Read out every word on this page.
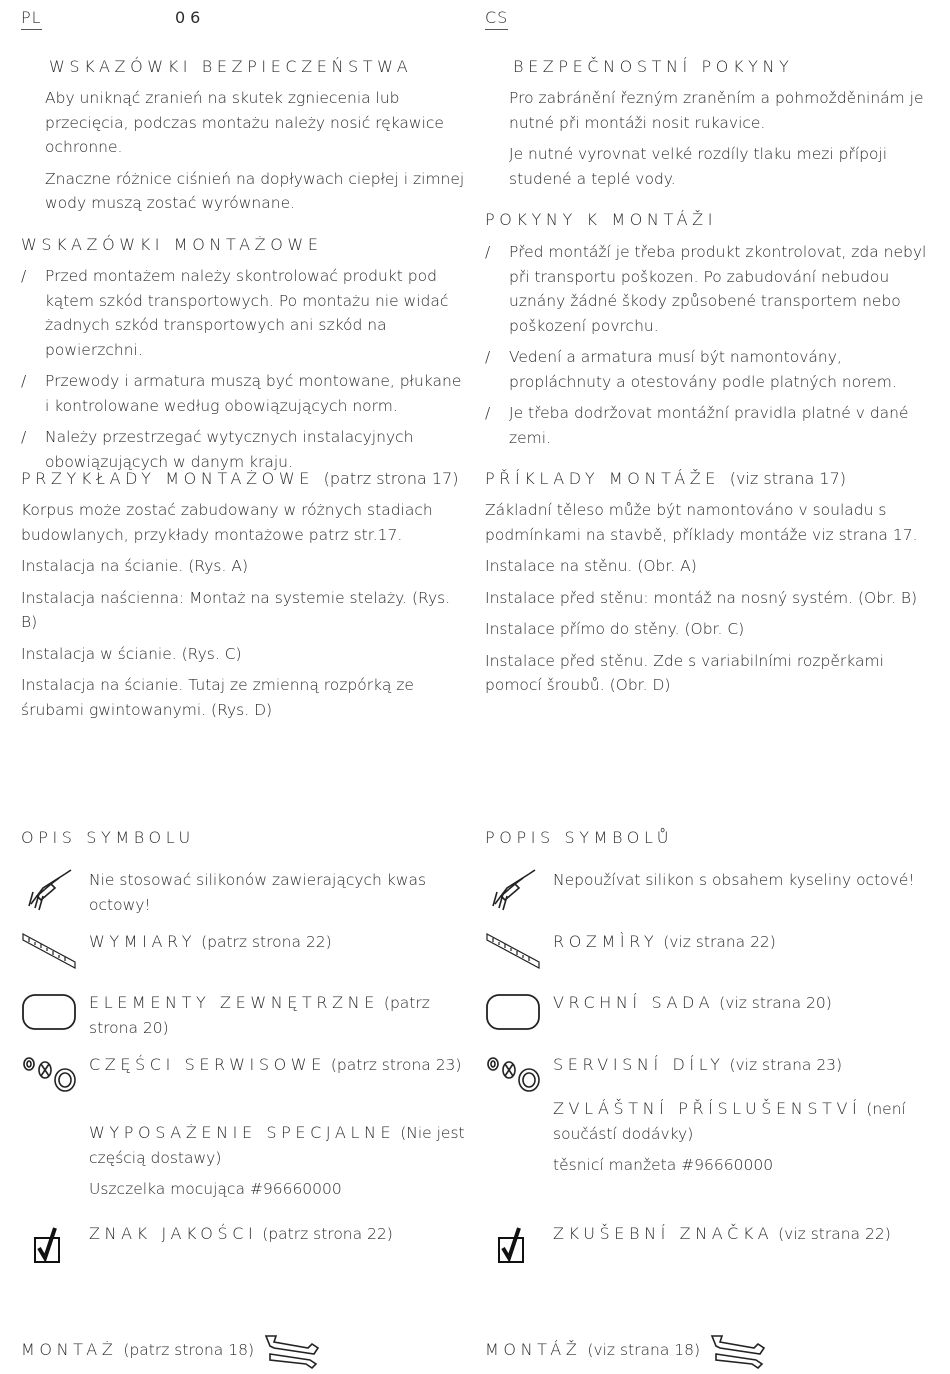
06
PL
WSKAZÓWKI BEZPIECZEŃSTWA

Aby uniknąć zranień na skutek zgniecenia lub przecięcia, podczas montażu należy nosić rękawice ochronne.

Znaczne różnice ciśnień na dopływach ciepłej i zimnej wody muszą zostać wyrównane.

WSKAZÓWKI MONTAŻOWE
/ Przed montażem należy skontrolować produkt pod kątem szkód transportowych. Po montażu nie widać żadnych szkód transportowych ani szkód na powierzchni.
/ Przewody i armatura muszą być montowane, płukane i kontrolowane według obowiązujących norm.
/ Należy przestrzegać wytycznych instalacyjnych obowiązujących w danym kraju.
PRZYKŁADY MONTAŻOWE (patrz strona 17)

Korpus może zostać zabudowany w różnych stadiach budowlanych, przykłady montażowe patrz str.17.

Instalacja na ścianie. (Rys. A)

Instalacja naścienna: Montaż na systemie stelaży. (Rys. B)

Instalacja w ścianie. (Rys. C)

Instalacja na ścianie. Tutaj ze zmienną rozpórką ze śrubami gwintowanymi. (Rys. D)

OPIS SYMBOLU

Nie stosować silikonów zawierających kwas octowy!

WYMIARY (patrz strona 22)

ELEMENTY ZEWNĘTRZNE (patrz strona 20)

CZĘŚCI SERWISOWE (patrz strona 23)

WYPOSAŻENIE SPECJALNE (Nie jest częścią dostawy)

Uszczelka mocująca #96660000

ZNAK JAKOŚCI (patrz strona 22)

MONTAŻ (patrz strona 18)

CS
BEZPEČNOSTNÍ POKYNY

Pro zabránění řezným zraněním a pohmožděninám je nutné při montáži nosit rukavice.

Je nutné vyrovnat velké rozdíly tlaku mezi přípoji studené a teplé vody.

POKYNY K MONTÁŽI
/ Před montáží je třeba produkt zkontrolovat, zda nebyl při transportu poškozen. Po zabudování nebudou uznány žádné škody způsobené transportem nebo poškození povrchu.
/ Vedení a armatura musí být namontovány, propláchnuty a otestovány podle platných norem.
/ Je třeba dodržovat montážní pravidla platné v dané zemi.
PŘÍKLADY MONTÁŽE (viz strana 17)

Základní těleso může být namontováno v souladu s podmínkami na stavbě, příklady montáže viz strana 17.

Instalace na stěnu. (Obr. A)

Instalace před stěnu: montáž na nosný systém. (Obr. B)

Instalace přímo do stěny. (Obr. C)

Instalace před stěnu. Zde s variabilními rozpěrkami pomocí šroubů. (Obr. D)

POPIS SYMBOLŮ

Nepoužívat silikon s obsahem kyseliny octové!

ROZMÌRY (viz strana 22)

VRCHNÍ SADA (viz strana 20)

SERVISNÍ DÍLY (viz strana 23)

ZVLÁŠTNÍ PŘÍSLUŠENSTVÍ (není součástí dodávky)

těsnicí manžeta #96660000

ZKUŠEBNÍ ZNAČKA (viz strana 22)

MONTÁŽ (viz strana 18)
